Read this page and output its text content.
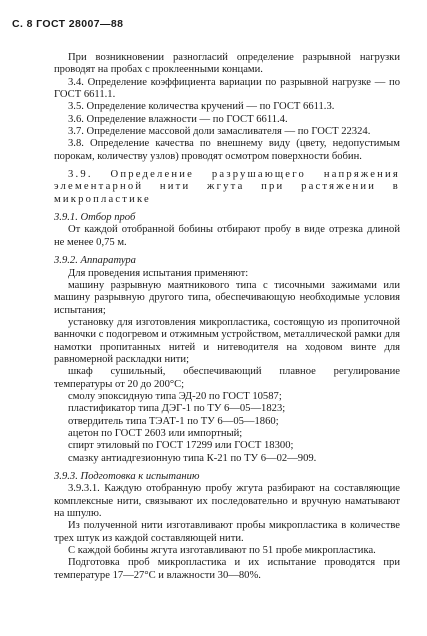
С. 8 ГОСТ 28007—88

При возникновении разногласий определение разрывной нагрузки проводят на пробах с проклеенными концами.

3.4. Определение коэффициента вариации по разрывной нагрузке — по ГОСТ 6611.1.

3.5. Определение количества кручений — по ГОСТ 6611.3.

3.6. Определение влажности — по ГОСТ 6611.4.

3.7. Определение массовой доли замасливателя — по ГОСТ 22324.

3.8. Определение качества по внешнему виду (цвету, недопустимым порокам, количеству узлов) проводят осмотром поверхности бобин.

3.9. Определение разрушающего напряжения элементарной нити жгута при растяжении в микропластике

3.9.1. Отбор проб

От каждой отобранной бобины отбирают пробу в виде отрезка длиной не менее 0,75 м.

3.9.2. Аппаратура

Для проведения испытания применяют:

машину разрывную маятникового типа с тисочными зажимами или машину разрывную другого типа, обеспечивающую необходимые условия испытания;

установку для изготовления микропластика, состоящую из пропиточной ванночки с подогревом и отжимным устройством, металлической рамки для намотки пропитанных нитей и нитеводителя на ходовом винте для равномерной раскладки нити;

шкаф сушильный, обеспечивающий плавное регулирование температуры от 20 до 200°С;

смолу эпоксидную типа ЭД-20 по ГОСТ 10587;

пластификатор типа ДЭГ-1 по ТУ 6—05—1823;

отвердитель типа ТЭАТ-1 по ТУ 6—05—1860;

ацетон по ГОСТ 2603 или импортный;

спирт этиловый по ГОСТ 17299 или ГОСТ 18300;

смазку антиадгезионную типа К-21 по ТУ 6—02—909.

3.9.3. Подготовка к испытанию

3.9.3.1. Каждую отобранную пробу жгута разбирают на составляющие комплексные нити, связывают их последовательно и вручную наматывают на шпулю.

Из полученной нити изготавливают пробы микропластика в количестве трех штук из каждой составляющей нити.

С каждой бобины жгута изготавливают по 51 пробе микропластика.

Подготовка проб микропластика и их испытание проводятся при температуре 17—27°С и влажности 30—80%.
